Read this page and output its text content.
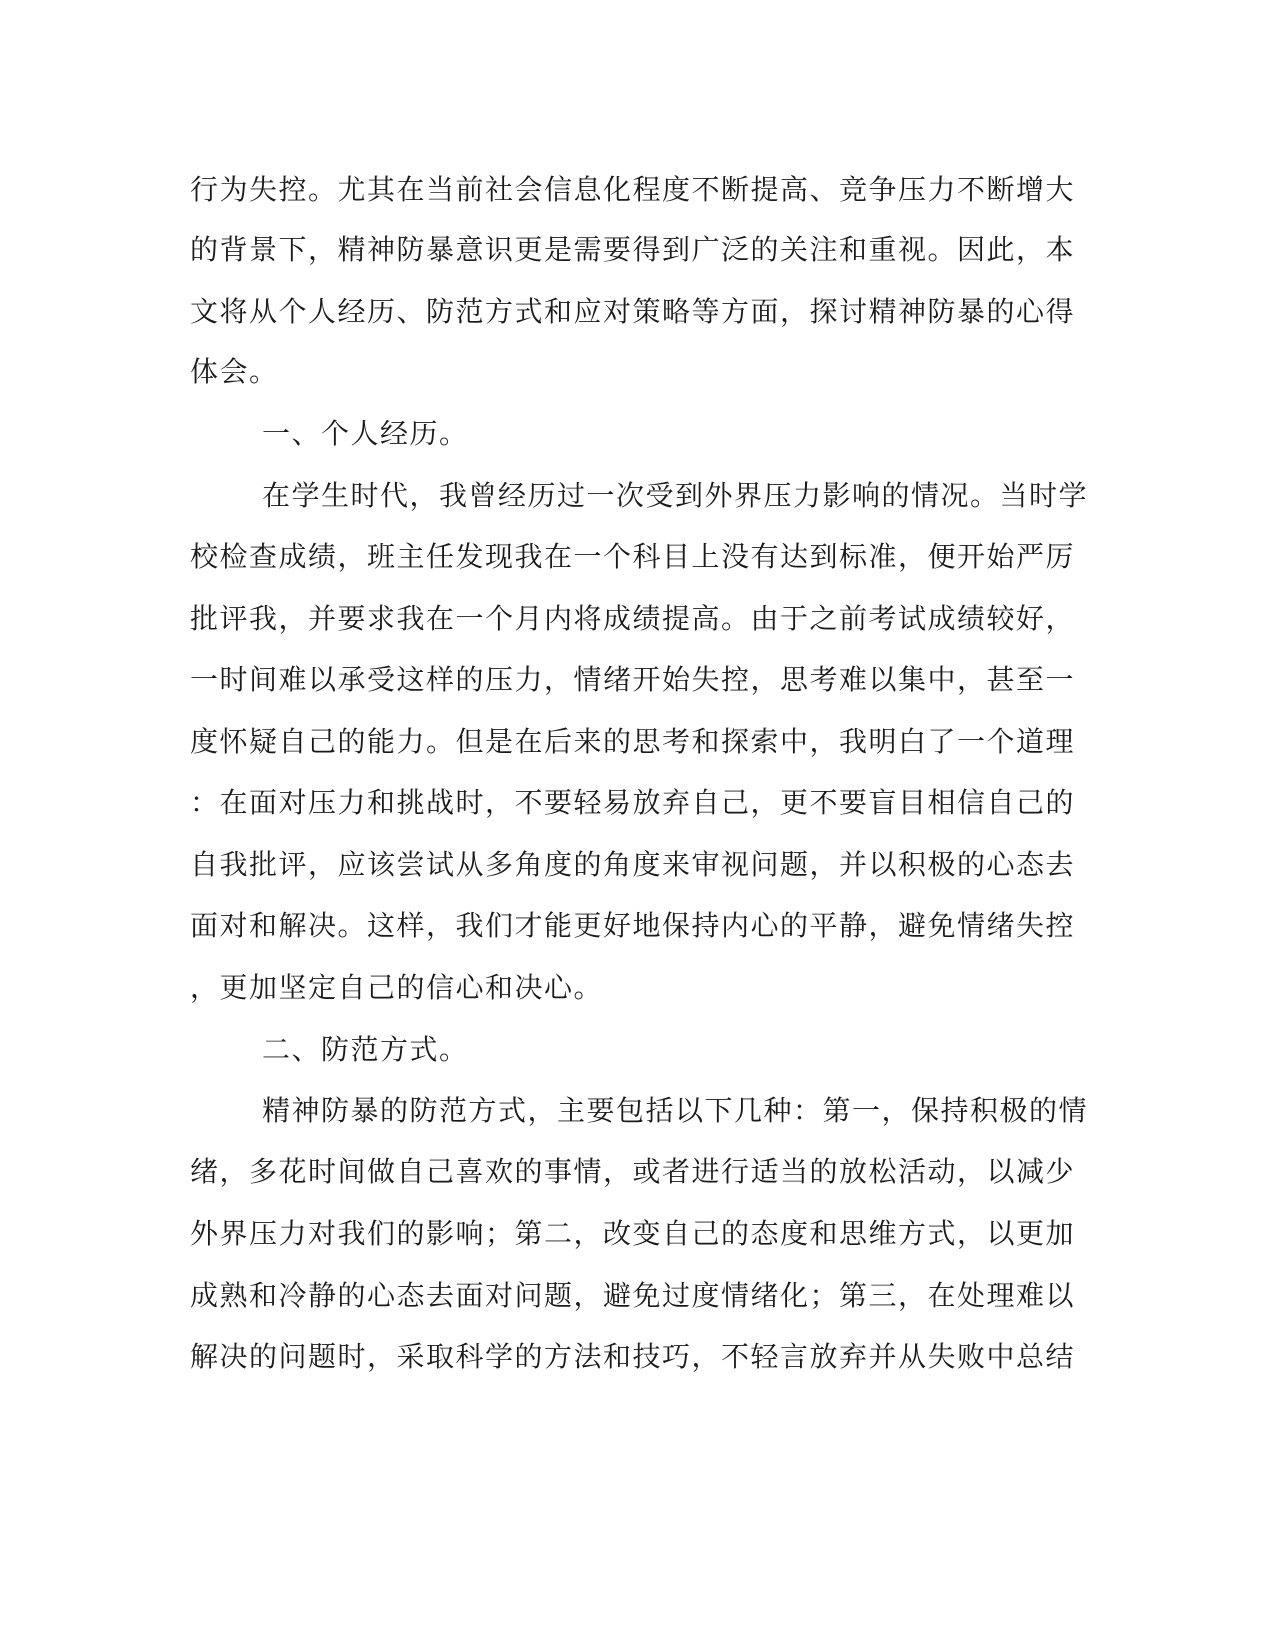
行为失控。尤其在当前社会信息化程度不断提高、竞争压力不断增大
的背景下，精神防暴意识更是需要得到广泛的关注和重视。因此，本
文将从个人经历、防范方式和应对策略等方面，探讨精神防暴的心得
体会。
一、个人经历。
在学生时代，我曾经历过一次受到外界压力影响的情况。当时学
校检查成绩，班主任发现我在一个科目上没有达到标准，便开始严厉
批评我，并要求我在一个月内将成绩提高。由于之前考试成绩较好，
一时间难以承受这样的压力，情绪开始失控，思考难以集中，甚至一
度怀疑自己的能力。但是在后来的思考和探索中，我明白了一个道理
：在面对压力和挑战时，不要轻易放弃自己，更不要盲目相信自己的
自我批评，应该尝试从多角度的角度来审视问题，并以积极的心态去
面对和解决。这样，我们才能更好地保持内心的平静，避免情绪失控
，更加坚定自己的信心和决心。
二、防范方式。
精神防暴的防范方式，主要包括以下几种：第一，保持积极的情
绪，多花时间做自己喜欢的事情，或者进行适当的放松活动，以减少
外界压力对我们的影响；第二，改变自己的态度和思维方式，以更加
成熟和冷静的心态去面对问题，避免过度情绪化；第三，在处理难以
解决的问题时，采取科学的方法和技巧，不轻言放弃并从失败中总结
